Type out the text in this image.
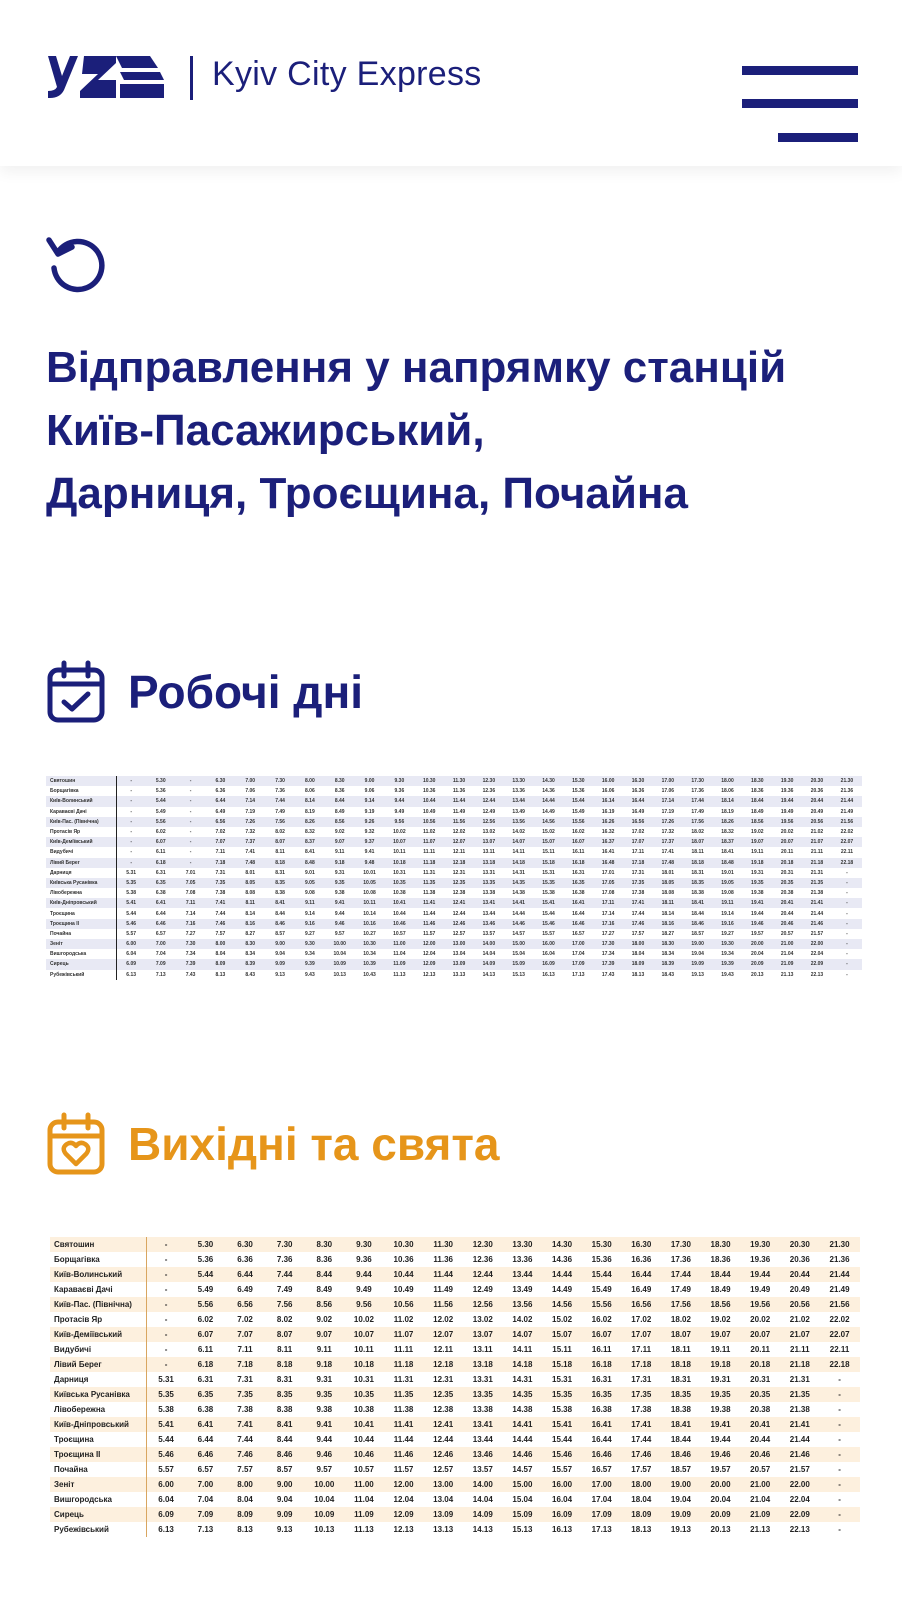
Kyiv City Express
Відправлення у напрямку станцій
Київ-Пасажирський,
Дарниця, Троєщина, Почайна
Робочі дні
Святошин	-	5.30	-	6.30	7.00	7.30	8.00	8.30	9.00	9.30	10.30	11.30	12.30	13.30	14.30	15.30	16.00	16.30	17.00	17.30	18.00	18.30	19.30	20.30	21.30
Борщагівка	-	5.36	-	6.36	7.06	7.36	8.06	8.36	9.06	9.36	10.36	11.36	12.36	13.36	14.36	15.36	16.06	16.36	17.06	17.36	18.06	18.36	19.36	20.36	21.36
Київ-Волинський	-	5.44	-	6.44	7.14	7.44	8.14	8.44	9.14	9.44	10.44	11.44	12.44	13.44	14.44	15.44	16.14	16.44	17.14	17.44	18.14	18.44	19.44	20.44	21.44
Караваєві Дачі	-	5.49	-	6.49	7.19	7.49	8.19	8.49	9.19	9.49	10.49	11.49	12.49	13.49	14.49	15.49	16.19	16.49	17.19	17.49	18.19	18.49	19.49	20.49	21.49
Київ-Пас. (Північна)	-	5.56	-	6.56	7.26	7.56	8.26	8.56	9.26	9.56	10.56	11.56	12.56	13.56	14.56	15.56	16.26	16.56	17.26	17.56	18.26	18.56	19.56	20.56	21.56
Протасів Яр	-	6.02	-	7.02	7.32	8.02	8.32	9.02	9.32	10.02	11.02	12.02	13.02	14.02	15.02	16.02	16.32	17.02	17.32	18.02	18.32	19.02	20.02	21.02	22.02
Київ-Деміївський	-	6.07	-	7.07	7.37	8.07	8.37	9.07	9.37	10.07	11.07	12.07	13.07	14.07	15.07	16.07	16.37	17.07	17.37	18.07	18.37	19.07	20.07	21.07	22.07
Видубичі	-	6.11	-	7.11	7.41	8.11	8.41	9.11	9.41	10.11	11.11	12.11	13.11	14.11	15.11	16.11	16.41	17.11	17.41	18.11	18.41	19.11	20.11	21.11	22.11
Лівий Берег	-	6.18	-	7.18	7.48	8.18	8.48	9.18	9.48	10.18	11.18	12.18	13.18	14.18	15.18	16.18	16.48	17.18	17.48	18.18	18.48	19.18	20.18	21.18	22.18
Дарниця	5.31	6.31	7.01	7.31	8.01	8.31	9.01	9.31	10.01	10.31	11.31	12.31	13.31	14.31	15.31	16.31	17.01	17.31	18.01	18.31	19.01	19.31	20.31	21.31	-
Київська Русанівка	5.35	6.35	7.05	7.35	8.05	8.35	9.05	9.35	10.05	10.35	11.35	12.35	13.35	14.35	15.35	16.35	17.05	17.35	18.05	18.35	19.05	19.35	20.35	21.35	-
Лівобережна	5.38	6.38	7.08	7.38	8.08	8.38	9.08	9.38	10.08	10.38	11.38	12.38	13.38	14.38	15.38	16.38	17.08	17.38	18.08	18.38	19.08	19.38	20.38	21.38	-
Київ-Дніпровський	5.41	6.41	7.11	7.41	8.11	8.41	9.11	9.41	10.11	10.41	11.41	12.41	13.41	14.41	15.41	16.41	17.11	17.41	18.11	18.41	19.11	19.41	20.41	21.41	-
Троєщина	5.44	6.44	7.14	7.44	8.14	8.44	9.14	9.44	10.14	10.44	11.44	12.44	13.44	14.44	15.44	16.44	17.14	17.44	18.14	18.44	19.14	19.44	20.44	21.44	-
Троєщина II	5.46	6.46	7.16	7.46	8.16	8.46	9.16	9.46	10.16	10.46	11.46	12.46	13.46	14.46	15.46	16.46	17.16	17.46	18.16	18.46	19.16	19.46	20.46	21.46	-
Почайна	5.57	6.57	7.27	7.57	8.27	8.57	9.27	9.57	10.27	10.57	11.57	12.57	13.57	14.57	15.57	16.57	17.27	17.57	18.27	18.57	19.27	19.57	20.57	21.57	-
Зеніт	6.00	7.00	7.30	8.00	8.30	9.00	9.30	10.00	10.30	11.00	12.00	13.00	14.00	15.00	16.00	17.00	17.30	18.00	18.30	19.00	19.30	20.00	21.00	22.00	-
Вишгородська	6.04	7.04	7.34	8.04	8.34	9.04	9.34	10.04	10.34	11.04	12.04	13.04	14.04	15.04	16.04	17.04	17.34	18.04	18.34	19.04	19.34	20.04	21.04	22.04	-
Сирець	6.09	7.09	7.39	8.09	8.39	9.09	9.39	10.09	10.39	11.09	12.09	13.09	14.09	15.09	16.09	17.09	17.39	18.09	18.39	19.09	19.39	20.09	21.09	22.09	-
Рубежівський	6.13	7.13	7.43	8.13	8.43	9.13	9.43	10.13	10.43	11.13	12.13	13.13	14.13	15.13	16.13	17.13	17.43	18.13	18.43	19.13	19.43	20.13	21.13	22.13	-
Вихідні та свята
Святошин	-	5.30	6.30	7.30	8.30	9.30	10.30	11.30	12.30	13.30	14.30	15.30	16.30	17.30	18.30	19.30	20.30	21.30
Борщагівка	-	5.36	6.36	7.36	8.36	9.36	10.36	11.36	12.36	13.36	14.36	15.36	16.36	17.36	18.36	19.36	20.36	21.36
Київ-Волинський	-	5.44	6.44	7.44	8.44	9.44	10.44	11.44	12.44	13.44	14.44	15.44	16.44	17.44	18.44	19.44	20.44	21.44
Караваєві Дачі	-	5.49	6.49	7.49	8.49	9.49	10.49	11.49	12.49	13.49	14.49	15.49	16.49	17.49	18.49	19.49	20.49	21.49
Київ-Пас. (Північна)	-	5.56	6.56	7.56	8.56	9.56	10.56	11.56	12.56	13.56	14.56	15.56	16.56	17.56	18.56	19.56	20.56	21.56
Протасів Яр	-	6.02	7.02	8.02	9.02	10.02	11.02	12.02	13.02	14.02	15.02	16.02	17.02	18.02	19.02	20.02	21.02	22.02
Київ-Деміївський	-	6.07	7.07	8.07	9.07	10.07	11.07	12.07	13.07	14.07	15.07	16.07	17.07	18.07	19.07	20.07	21.07	22.07
Видубичі	-	6.11	7.11	8.11	9.11	10.11	11.11	12.11	13.11	14.11	15.11	16.11	17.11	18.11	19.11	20.11	21.11	22.11
Лівий Берег	-	6.18	7.18	8.18	9.18	10.18	11.18	12.18	13.18	14.18	15.18	16.18	17.18	18.18	19.18	20.18	21.18	22.18
Дарниця	5.31	6.31	7.31	8.31	9.31	10.31	11.31	12.31	13.31	14.31	15.31	16.31	17.31	18.31	19.31	20.31	21.31	-
Київська Русанівка	5.35	6.35	7.35	8.35	9.35	10.35	11.35	12.35	13.35	14.35	15.35	16.35	17.35	18.35	19.35	20.35	21.35	-
Лівобережна	5.38	6.38	7.38	8.38	9.38	10.38	11.38	12.38	13.38	14.38	15.38	16.38	17.38	18.38	19.38	20.38	21.38	-
Київ-Дніпровський	5.41	6.41	7.41	8.41	9.41	10.41	11.41	12.41	13.41	14.41	15.41	16.41	17.41	18.41	19.41	20.41	21.41	-
Троєщина	5.44	6.44	7.44	8.44	9.44	10.44	11.44	12.44	13.44	14.44	15.44	16.44	17.44	18.44	19.44	20.44	21.44	-
Троєщина II	5.46	6.46	7.46	8.46	9.46	10.46	11.46	12.46	13.46	14.46	15.46	16.46	17.46	18.46	19.46	20.46	21.46	-
Почайна	5.57	6.57	7.57	8.57	9.57	10.57	11.57	12.57	13.57	14.57	15.57	16.57	17.57	18.57	19.57	20.57	21.57	-
Зеніт	6.00	7.00	8.00	9.00	10.00	11.00	12.00	13.00	14.00	15.00	16.00	17.00	18.00	19.00	20.00	21.00	22.00	-
Вишгородська	6.04	7.04	8.04	9.04	10.04	11.04	12.04	13.04	14.04	15.04	16.04	17.04	18.04	19.04	20.04	21.04	22.04	-
Сирець	6.09	7.09	8.09	9.09	10.09	11.09	12.09	13.09	14.09	15.09	16.09	17.09	18.09	19.09	20.09	21.09	22.09	-
Рубежівський	6.13	7.13	8.13	9.13	10.13	11.13	12.13	13.13	14.13	15.13	16.13	17.13	18.13	19.13	20.13	21.13	22.13	-
